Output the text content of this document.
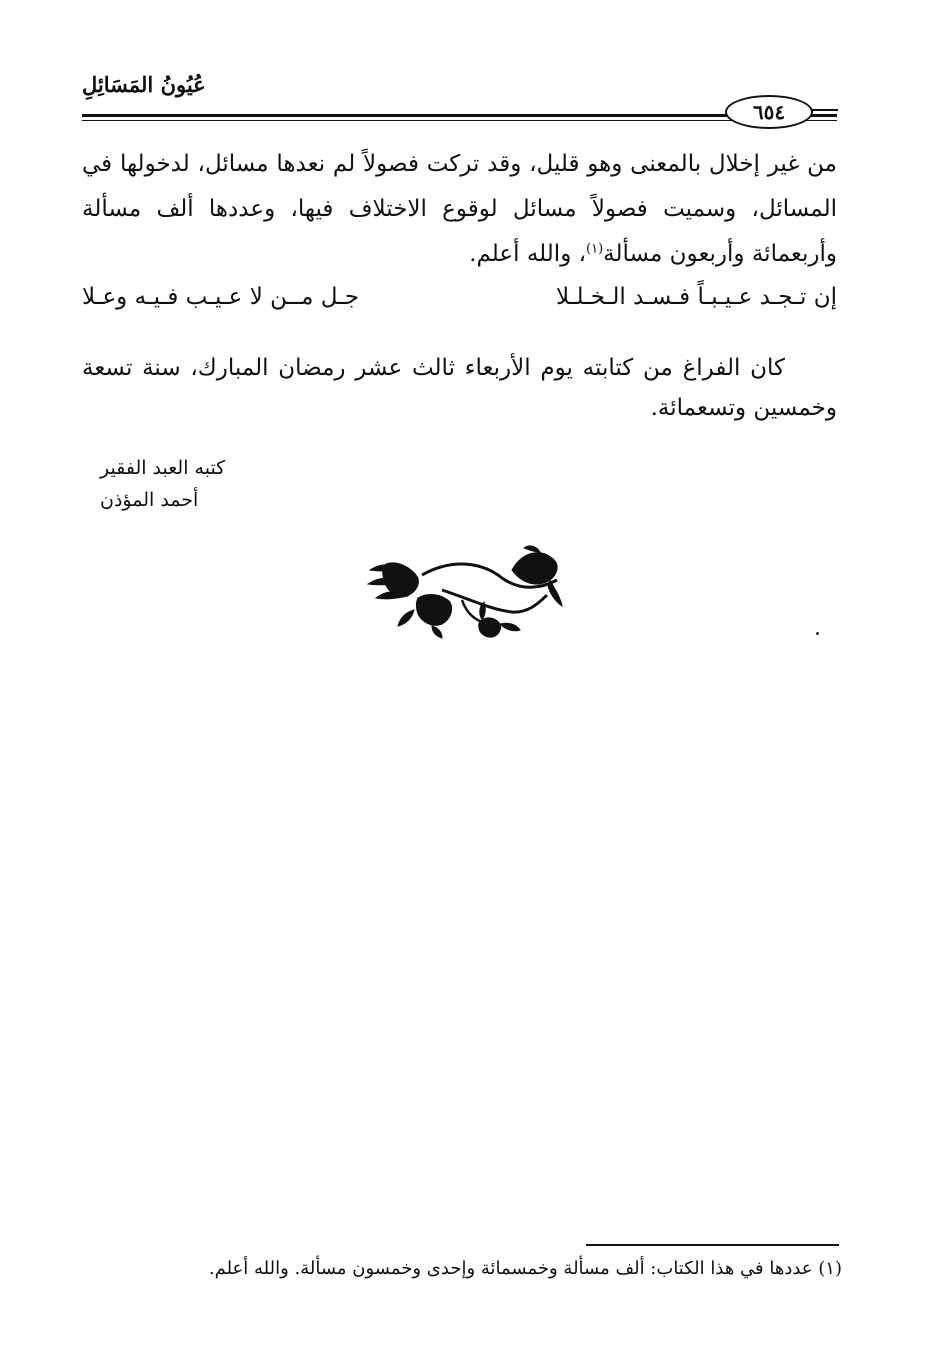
عُيُونُ المَسَائِلِ
٦٥٤

من غير إخلال بالمعنى وهو قليل، وقد تركت فصولاً لم نعدها مسائل، لدخولها في المسائل، وسميت فصولاً مسائل لوقوع الاختلاف فيها، وعددها ألف مسألة وأربعمائة وأربعون مسألة$^{(١)}$، والله أعلم.

إن تـجـد عـيـبـاً فـسـد الـخـلـلا
جـل مــن لا عـيـب فـيـه وعـلا

كان الفراغ من كتابته يوم الأربعاء ثالث عشر رمضان المبارك، سنة تسعة وخمسين وتسعمائة.

كتبه العبد الفقير
أحمد المؤذن
(١) عددها في هذا الكتاب: ألف مسألة وخمسمائة وإحدى وخمسون مسألة. والله أعلم.
